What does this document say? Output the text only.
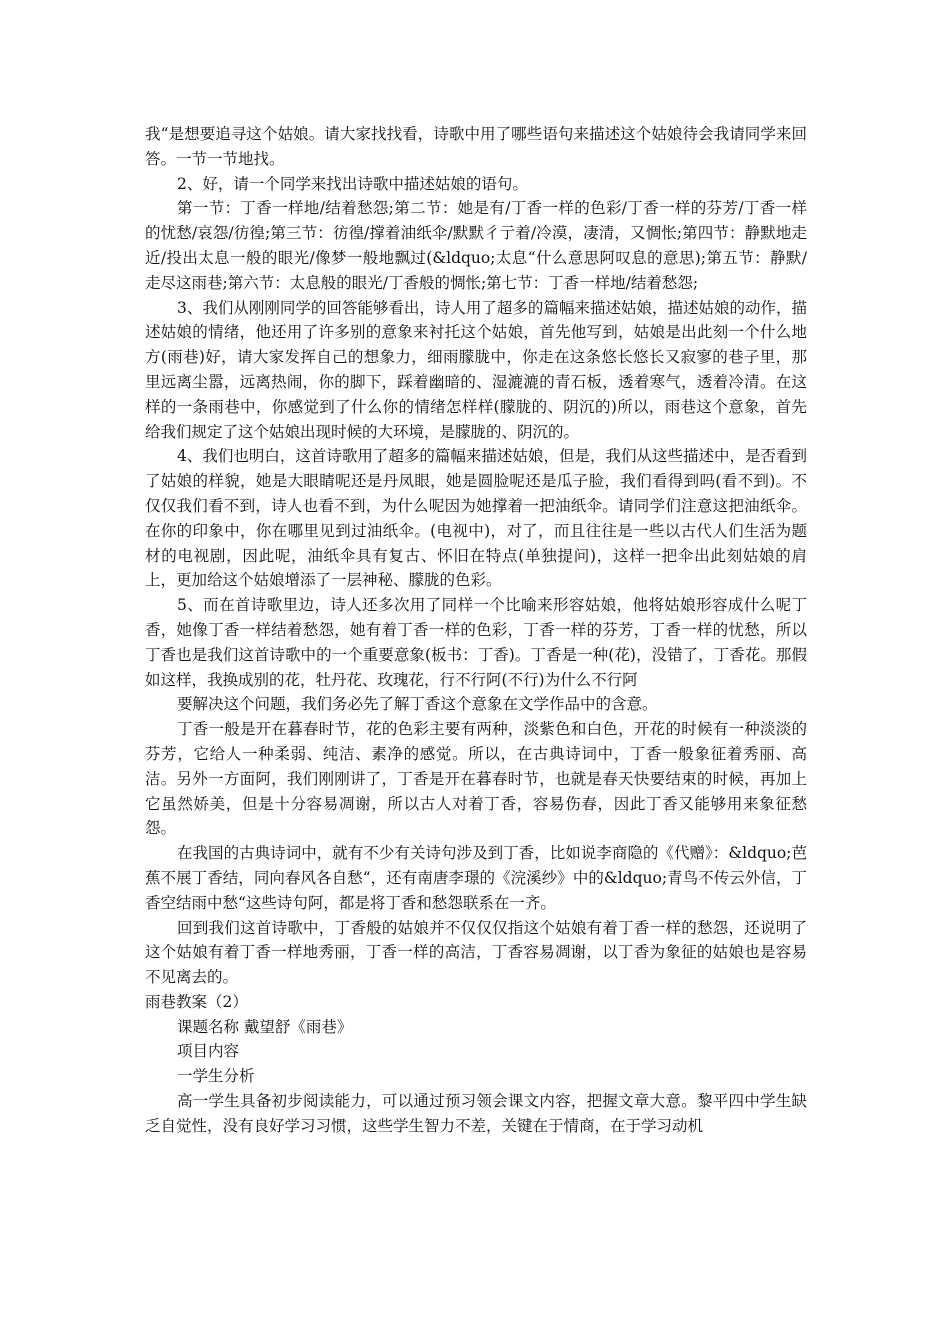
我“是想要追寻这个姑娘。请大家找找看，诗歌中用了哪些语句来描述这个姑娘待会我请同学来回答。一节一节地找。

2、好，请一个同学来找出诗歌中描述姑娘的语句。

第一节：丁香一样地/结着愁怨;第二节：她是有/丁香一样的色彩/丁香一样的芬芳/丁香一样的忧愁/哀怨/彷徨;第三节：彷徨/撑着油纸伞/默默彳亍着/冷漠，凄清，又惆怅;第四节：静默地走近/投出太息一般的眼光/像梦一般地飘过(&ldquo;太息“什么意思阿叹息的意思);第五节：静默/走尽这雨巷;第六节：太息般的眼光/丁香般的惆怅;第七节：丁香一样地/结着愁怨;

3、我们从刚刚同学的回答能够看出，诗人用了超多的篇幅来描述姑娘，描述姑娘的动作，描述姑娘的情绪，他还用了许多别的意象来衬托这个姑娘，首先他写到，姑娘是出此刻一个什么地方(雨巷)好，请大家发挥自己的想象力，细雨朦胧中，你走在这条悠长悠长又寂寥的巷子里，那里远离尘嚣，远离热闹，你的脚下，踩着幽暗的、湿漉漉的青石板，透着寒气，透着冷清。在这样的一条雨巷中，你感觉到了什么你的情绪怎样样(朦胧的、阴沉的)所以，雨巷这个意象，首先给我们规定了这个姑娘出现时候的大环境，是朦胧的、阴沉的。

4、我们也明白，这首诗歌用了超多的篇幅来描述姑娘，但是，我们从这些描述中，是否看到了姑娘的样貌，她是大眼睛呢还是丹凤眼，她是圆脸呢还是瓜子脸，我们看得到吗(看不到)。不仅仅我们看不到，诗人也看不到，为什么呢因为她撑着一把油纸伞。请同学们注意这把油纸伞。在你的印象中，你在哪里见到过油纸伞。(电视中)，对了，而且往往是一些以古代人们生活为题材的电视剧，因此呢，油纸伞具有复古、怀旧在特点(单独提问)，这样一把伞出此刻姑娘的肩上，更加给这个姑娘增添了一层神秘、朦胧的色彩。

5、而在首诗歌里边，诗人还多次用了同样一个比喻来形容姑娘，他将姑娘形容成什么呢丁香，她像丁香一样结着愁怨，她有着丁香一样的色彩，丁香一样的芬芳，丁香一样的忧愁，所以丁香也是我们这首诗歌中的一个重要意象(板书：丁香)。丁香是一种(花)，没错了，丁香花。那假如这样，我换成别的花，牡丹花、玫瑰花，行不行阿(不行)为什么不行阿

要解决这个问题，我们务必先了解丁香这个意象在文学作品中的含意。

丁香一般是开在暮春时节，花的色彩主要有两种，淡紫色和白色，开花的时候有一种淡淡的芬芳，它给人一种柔弱、纯洁、素净的感觉。所以，在古典诗词中，丁香一般象征着秀丽、高洁。另外一方面阿，我们刚刚讲了，丁香是开在暮春时节，也就是春天快要结束的时候，再加上它虽然娇美，但是十分容易凋谢，所以古人对着丁香，容易伤春，因此丁香又能够用来象征愁怨。

在我国的古典诗词中，就有不少有关诗句涉及到丁香，比如说李商隐的《代赠》：&ldquo;芭蕉不展丁香结，同向春风各自愁“，还有南唐李璟的《浣溪纱》中的&ldquo;青鸟不传云外信，丁香空结雨中愁“这些诗句阿，都是将丁香和愁怨联系在一齐。

回到我们这首诗歌中，丁香般的姑娘并不仅仅仅指这个姑娘有着丁香一样的愁怨，还说明了这个姑娘有着丁香一样地秀丽，丁香一样的高洁，丁香容易凋谢，以丁香为象征的姑娘也是容易不见离去的。

雨巷教案（2）

课题名称 戴望舒《雨巷》

项目内容

一学生分析

高一学生具备初步阅读能力，可以通过预习领会课文内容，把握文章大意。黎平四中学生缺乏自觉性，没有良好学习习惯，这些学生智力不差，关键在于情商，在于学习动机
